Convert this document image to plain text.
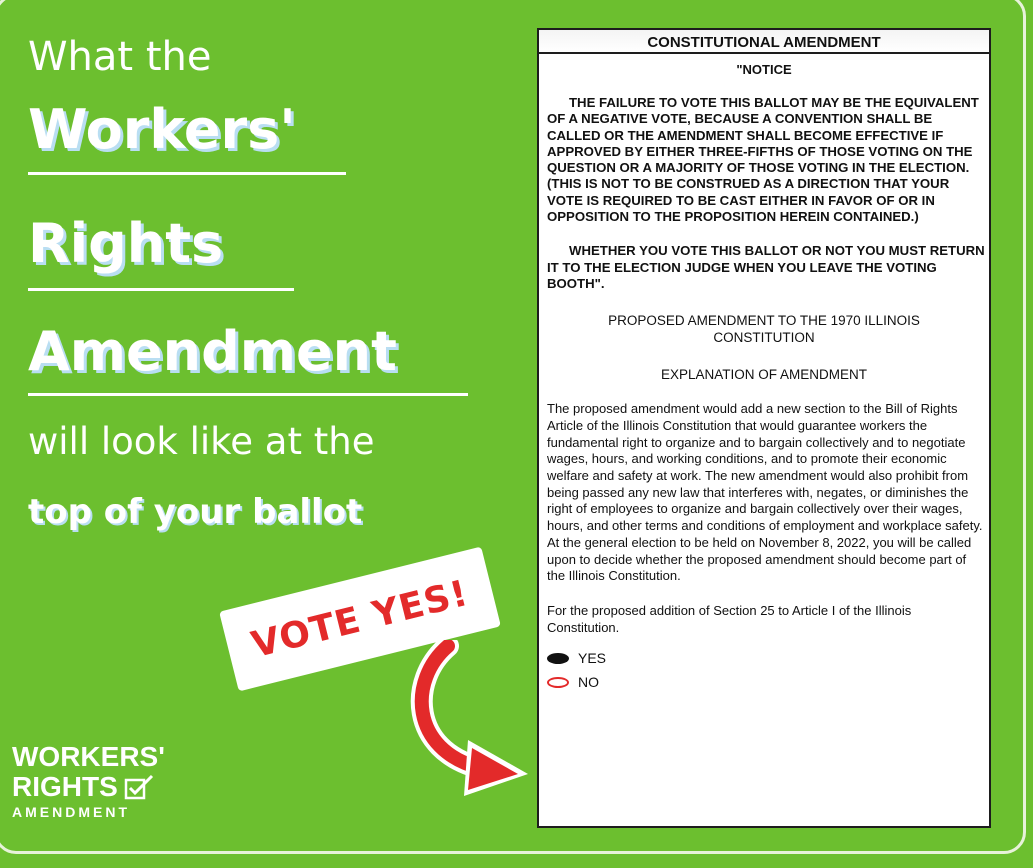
What the
Workers'
Rights
Amendment
will look like at the
top of your ballot
VOTE YES!
WORKERS'
RIGHTS
AMENDMENT
CONSTITUTIONAL AMENDMENT
"NOTICE
THE FAILURE TO VOTE THIS BALLOT MAY BE THE EQUIVALENT OF A NEGATIVE VOTE, BECAUSE A CONVENTION SHALL BE CALLED OR THE AMENDMENT SHALL BECOME EFFECTIVE IF APPROVED BY EITHER THREE-FIFTHS OF THOSE VOTING ON THE QUESTION OR A MAJORITY OF THOSE VOTING IN THE ELECTION. (THIS IS NOT TO BE CONSTRUED AS A DIRECTION THAT YOUR VOTE IS REQUIRED TO BE CAST EITHER IN FAVOR OF OR IN OPPOSITION TO THE PROPOSITION HEREIN CONTAINED.)
WHETHER YOU VOTE THIS BALLOT OR NOT YOU MUST RETURN IT TO THE ELECTION JUDGE WHEN YOU LEAVE THE VOTING BOOTH".
PROPOSED AMENDMENT TO THE 1970 ILLINOIS CONSTITUTION
EXPLANATION OF AMENDMENT
The proposed amendment would add a new section to the Bill of Rights Article of the Illinois Constitution that would guarantee workers the fundamental right to organize and to bargain collectively and to negotiate wages, hours, and working conditions, and to promote their economic welfare and safety at work. The new amendment would also prohibit from being passed any new law that interferes with, negates, or diminishes the right of employees to organize and bargain collectively over their wages, hours, and other terms and conditions of employment and workplace safety. At the general election to be held on November 8, 2022, you will be called upon to decide whether the proposed amendment should become part of the Illinois Constitution.
For the proposed addition of Section 25 to Article I of the Illinois Constitution.
YES
NO
